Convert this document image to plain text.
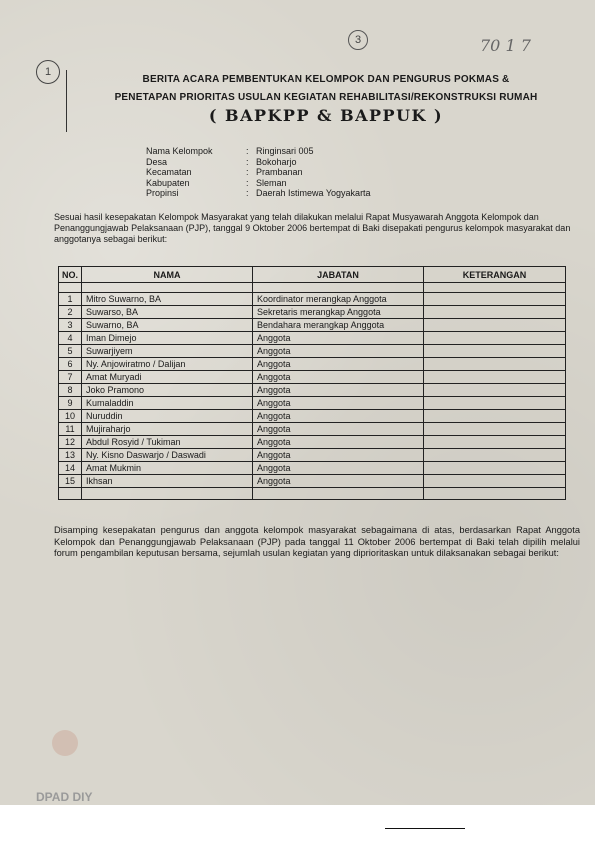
3	70 1 7
1
BERITA ACARA PEMBENTUKAN KELOMPOK DAN PENGURUS POKMAS &
PENETAPAN PRIORITAS USULAN KEGIATAN REHABILITASI/REKONSTRUKSI RUMAH
( BAPKPP & BAPPUK )
Nama Kelompok	: Ringinsari 005
Desa	: Bokoharjo
Kecamatan	: Prambanan
Kabupaten	: Sleman
Propinsi	: Daerah Istimewa Yogyakarta
Sesuai hasil kesepakatan Kelompok Masyarakat yang telah dilakukan melalui Rapat Musyawarah Anggota Kelompok dan Penanggungjawab Pelaksanaan (PJP), tanggal 9 Oktober 2006 bertempat di Baki disepakati pengurus kelompok masyarakat dan anggotanya sebagai berikut:
NO.	NAMA	JABATAN	KETERANGAN

1	Mitro Suwarno, BA	Koordinator merangkap Anggota	
2	Suwarso, BA	Sekretaris merangkap Anggota	
3	Suwarno, BA	Bendahara merangkap Anggota	
4	Iman Dimejo	Anggota	
5	Suwarjiyem	Anggota	
6	Ny. Anjowiratmo / Dalijan	Anggota	
7	Amat Muryadi	Anggota	
8	Joko Pramono	Anggota	
9	Kumaladdin	Anggota	
10	Nuruddin	Anggota	
11	Mujiraharjo	Anggota	
12	Abdul Rosyid / Tukiman	Anggota	
13	Ny. Kisno Daswarjo / Daswadi	Anggota	
14	Amat Mukmin	Anggota	
15	Ikhsan	Anggota	

Disamping kesepakatan pengurus dan anggota kelompok masyarakat sebagaimana di atas, berdasarkan Rapat Anggota Kelompok dan Penanggungjawab Pelaksanaan (PJP) pada tanggal 11 Oktober 2006 bertempat di Baki telah dipilih melalui forum pengambilan keputusan bersama, sejumlah usulan kegiatan yang diprioritaskan untuk dilaksanakan sebagai berikut:
DPAD DIY
